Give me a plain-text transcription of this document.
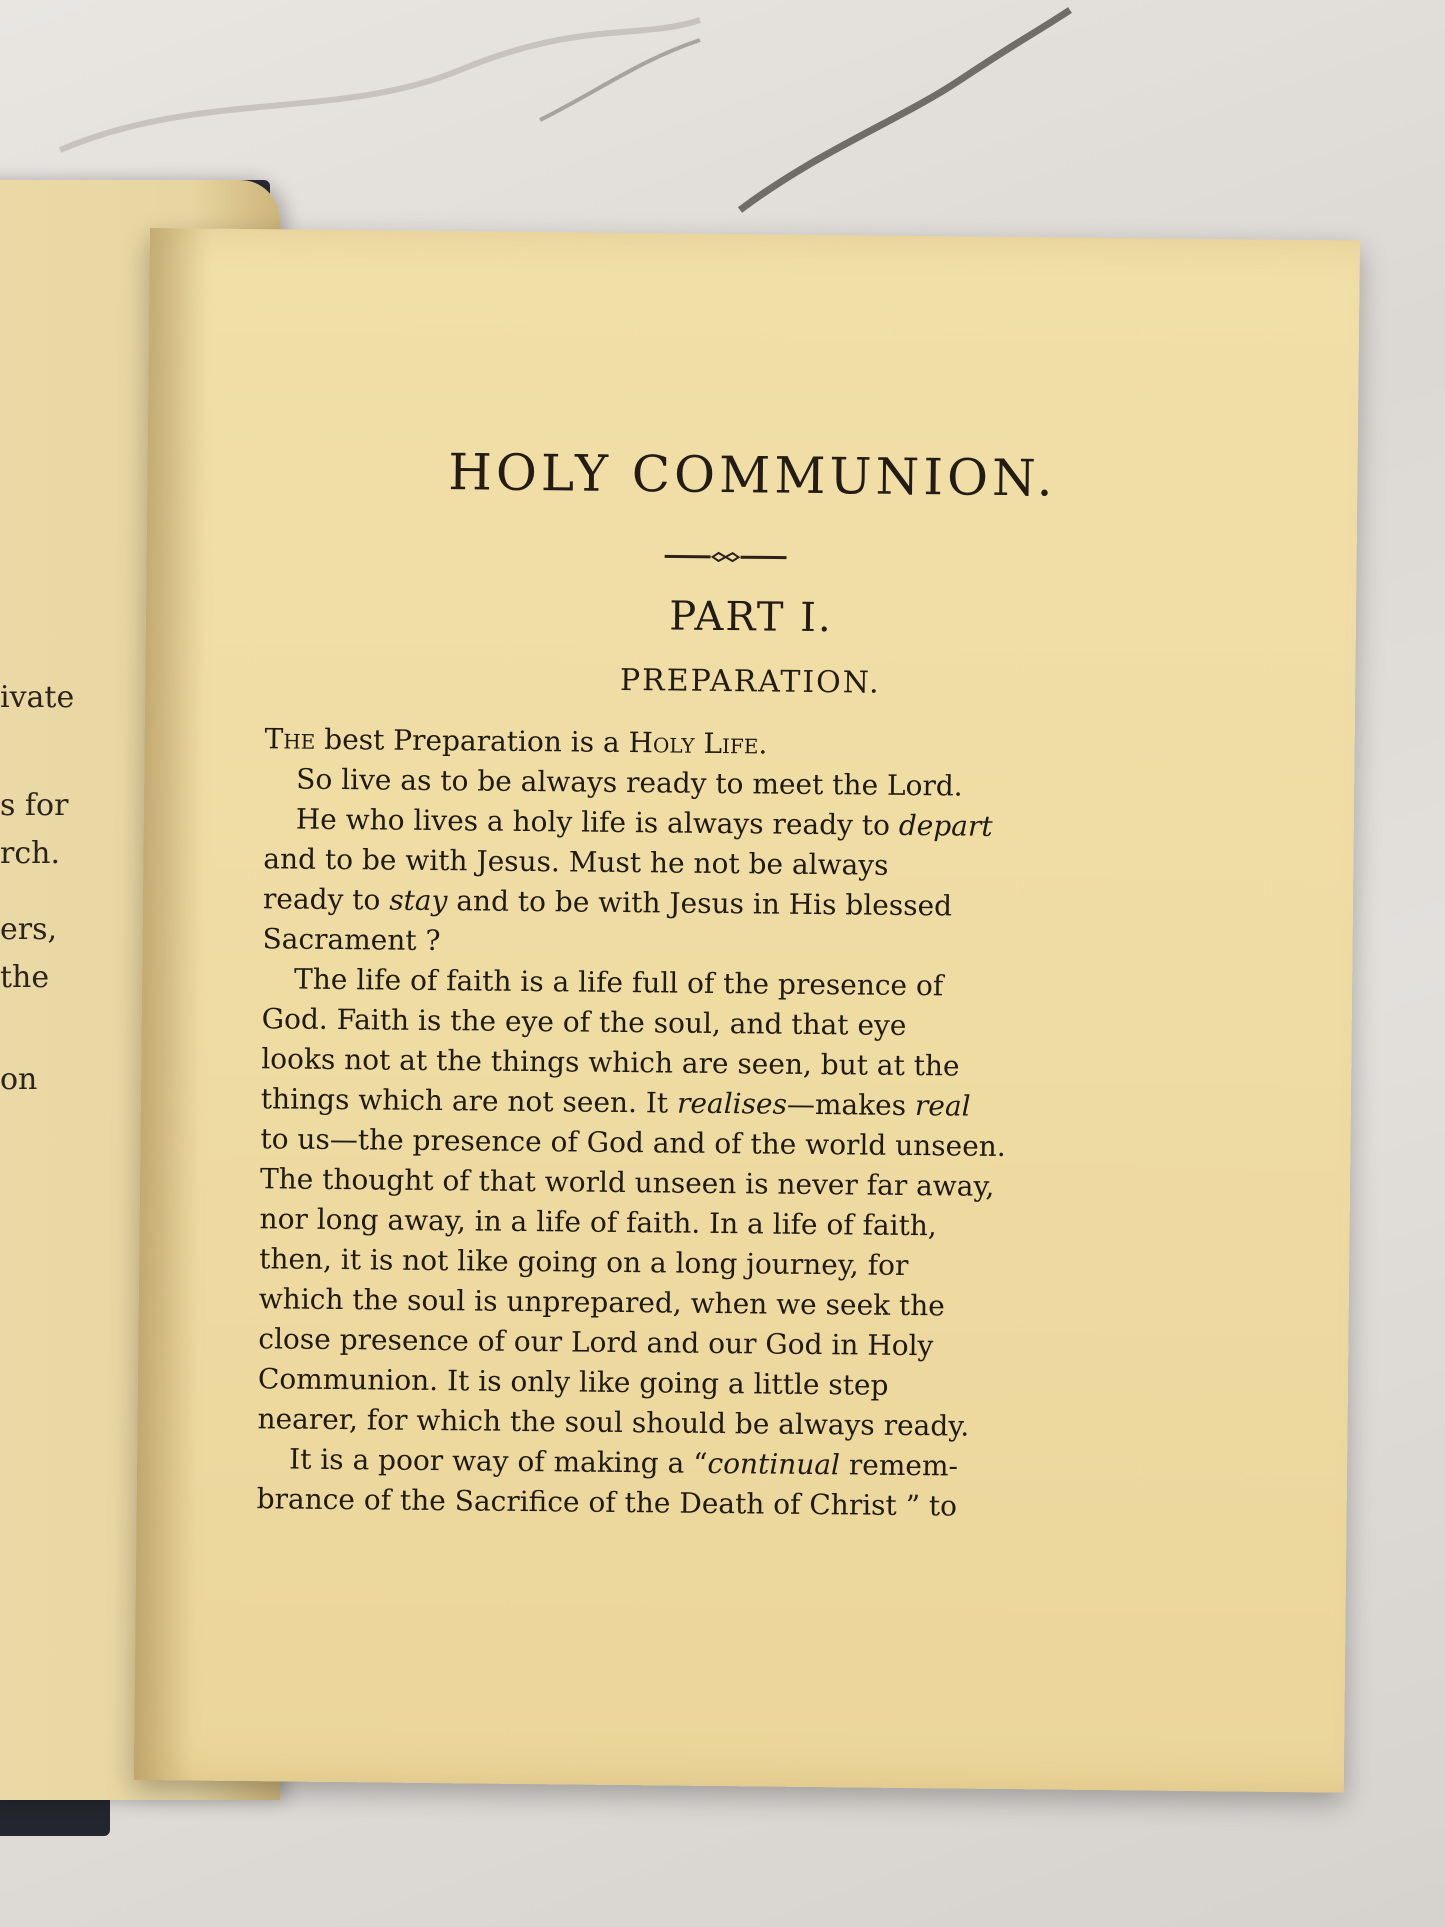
ivate
s for
rch.
ers,
the
on
HOLY COMMUNION.
PART I.
PREPARATION.
The best Preparation is a Holy Life.
So live as to be always ready to meet the Lord.
He who lives a holy life is always ready to depart
and to be with Jesus. Must he not be always
ready to stay and to be with Jesus in His blessed
Sacrament ?
The life of faith is a life full of the presence of
God. Faith is the eye of the soul, and that eye
looks not at the things which are seen, but at the
things which are not seen. It realises—makes real
to us—the presence of God and of the world unseen.
The thought of that world unseen is never far away,
nor long away, in a life of faith. In a life of faith,
then, it is not like going on a long journey, for
which the soul is unprepared, when we seek the
close presence of our Lord and our God in Holy
Communion. It is only like going a little step
nearer, for which the soul should be always ready.
It is a poor way of making a “continual remem-
brance of the Sacrifice of the Death of Christ ” to
